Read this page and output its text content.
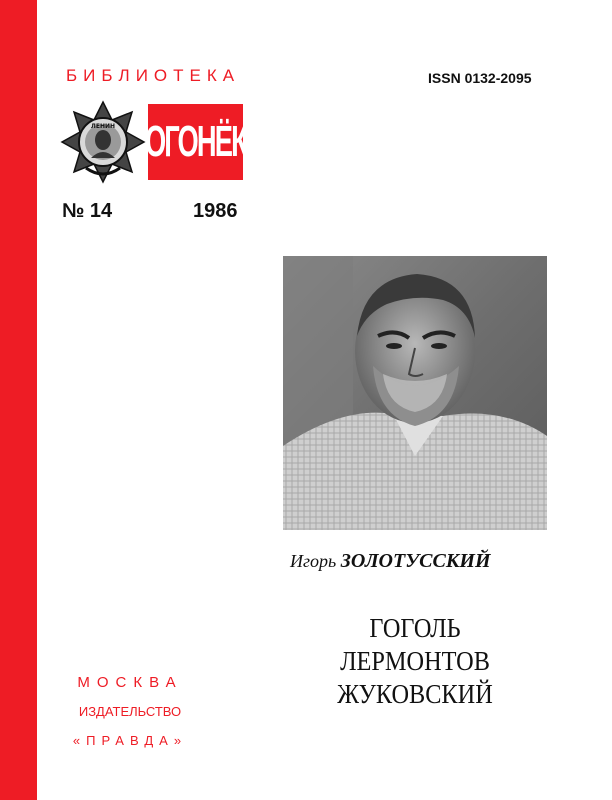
БИБЛИОТЕКА
ЛЕНИН ОГОНЁК
ISSN 0132-2095
№ 14	1986
Игорь ЗОЛОТУССКИЙ
ГОГОЛЬ
ЛЕРМОНТОВ
ЖУКОВСКИЙ
МОСКВА
ИЗДАТЕЛЬСТВО
«ПРАВДА»
